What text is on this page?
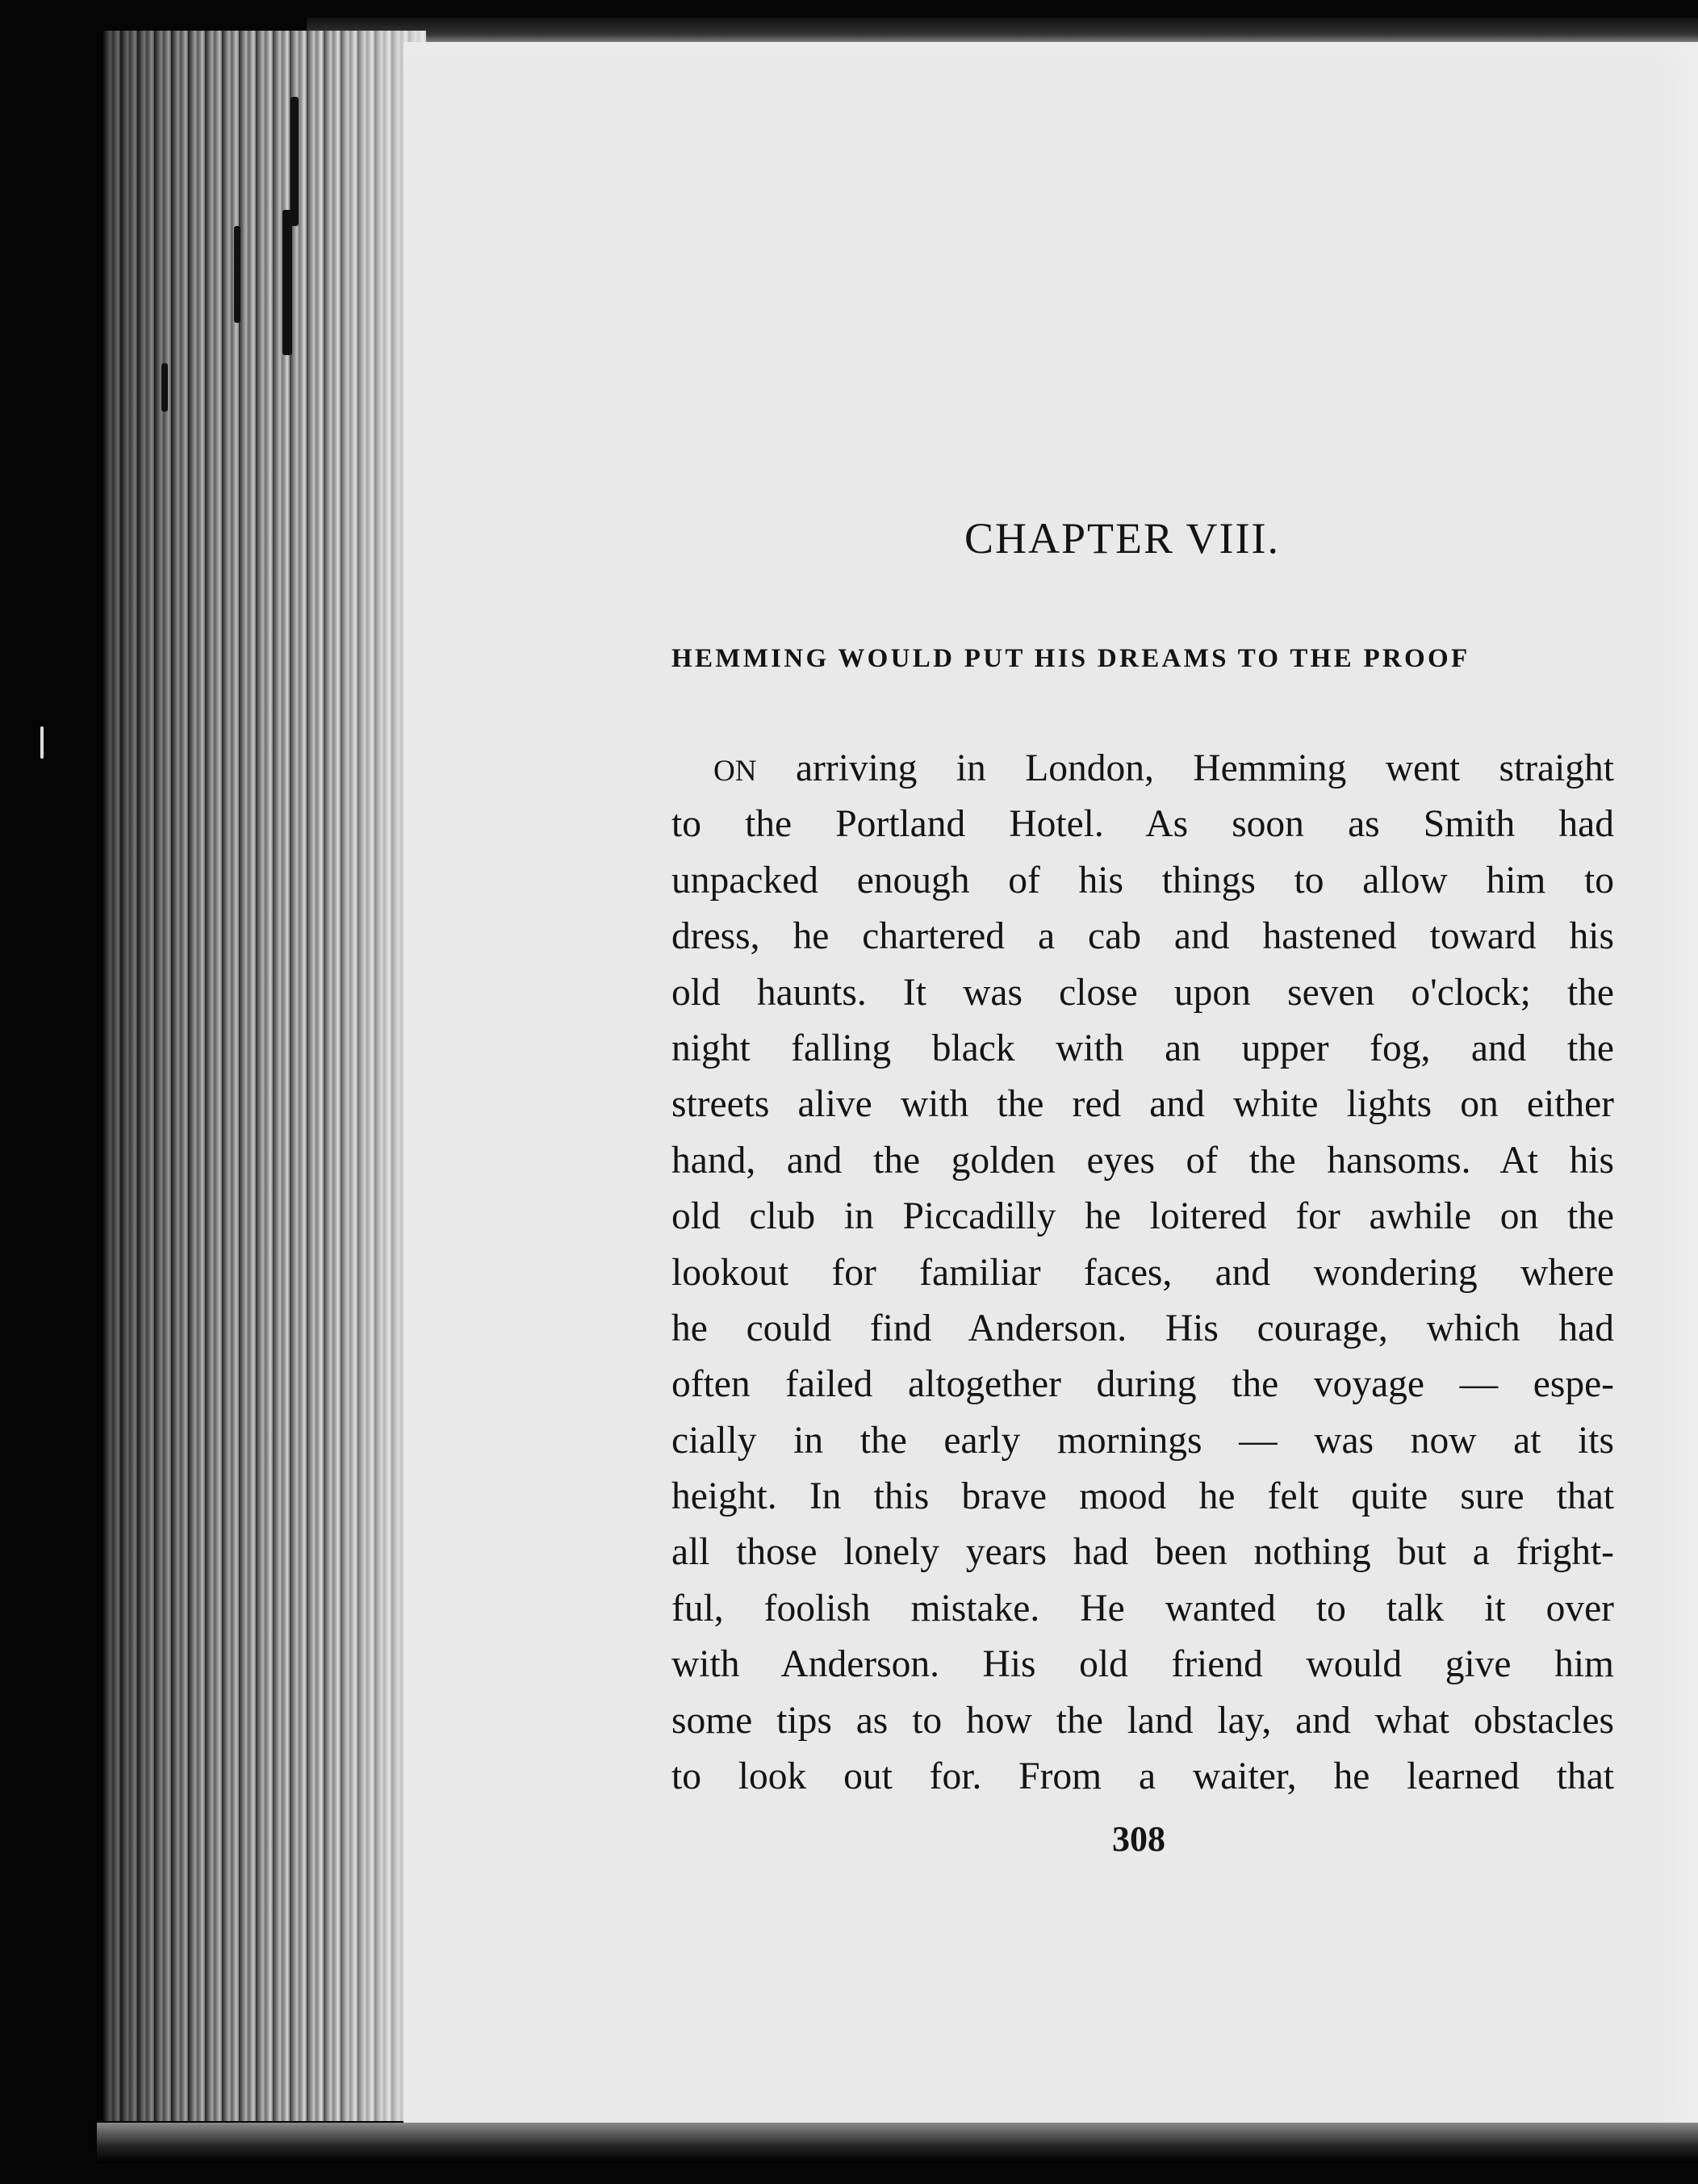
CHAPTER VIII.
HEMMING WOULD PUT HIS DREAMS TO THE PROOF
ON arriving in London, Hemming went straight
to the Portland Hotel. As soon as Smith had
unpacked enough of his things to allow him to
dress, he chartered a cab and hastened toward his
old haunts. It was close upon seven o'clock; the
night falling black with an upper fog, and the
streets alive with the red and white lights on either
hand, and the golden eyes of the hansoms. At his
old club in Piccadilly he loitered for awhile on the
lookout for familiar faces, and wondering where
he could find Anderson. His courage, which had
often failed altogether during the voyage — espe-
cially in the early mornings — was now at its
height. In this brave mood he felt quite sure that
all those lonely years had been nothing but a fright-
ful, foolish mistake. He wanted to talk it over
with Anderson. His old friend would give him
some tips as to how the land lay, and what obstacles
to look out for. From a waiter, he learned that
308
